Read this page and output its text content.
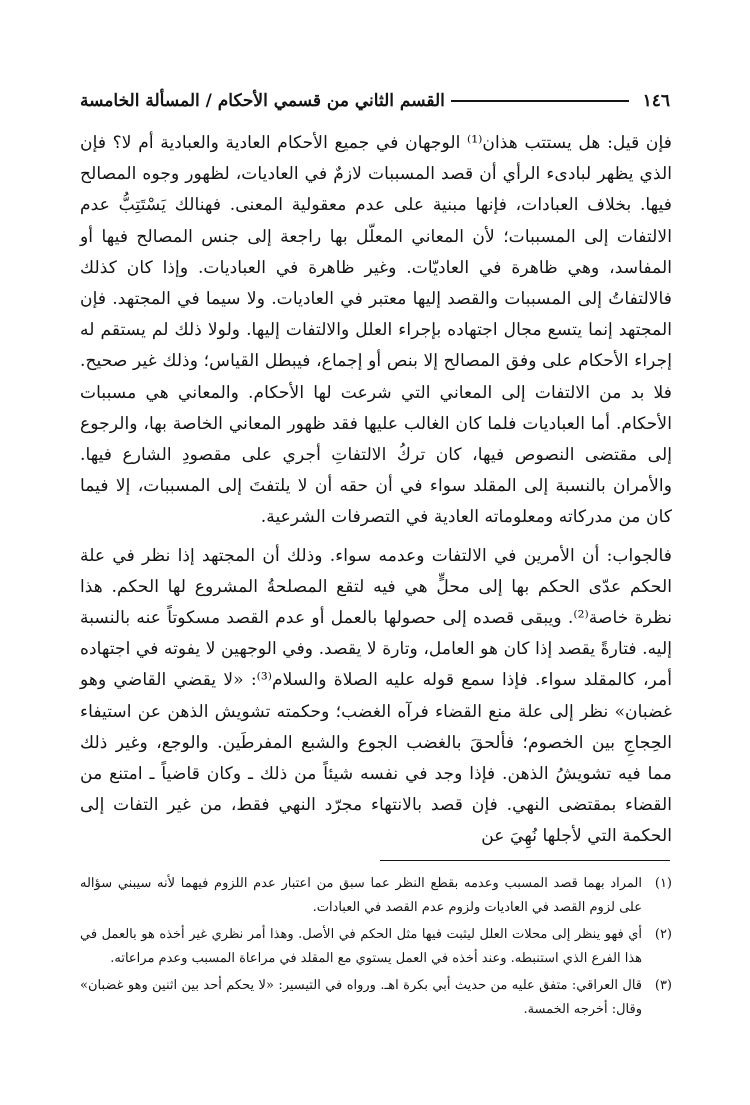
١٤٦
القسم الثاني من قسمي الأحكام / المسألة الخامسة

فإن قيل: هل يستتب هذان⁽¹⁾ الوجهان في جميع الأحكام العادية والعبادية أم لا؟ فإن الذي يظهر لبادىء الرأي أن قصد المسببات لازمٌ في العاديات، لظهور وجوه المصالح فيها. بخلاف العبادات، فإنها مبنية على عدم معقولية المعنى. فهنالك يَسْتَتِبُّ عدم الالتفات إلى المسببات؛ لأن المعاني المعلّل بها راجعة إلى جنس المصالح فيها أو المفاسد، وهي ظاهرة في العاديّات. وغير ظاهرة في العباديات. وإذا كان كذلك فالالتفاتُ إلى المسببات والقصد إليها معتبر في العاديات. ولا سيما في المجتهد. فإن المجتهد إنما يتسع مجال اجتهاده بإجراء العلل والالتفات إليها. ولولا ذلك لم يستقم له إجراء الأحكام على وفق المصالح إلا بنص أو إجماع، فيبطل القياس؛ وذلك غير صحيح. فلا بد من الالتفات إلى المعاني التي شرعت لها الأحكام. والمعاني هي مسببات الأحكام. أما العباديات فلما كان الغالب عليها فقد ظهور المعاني الخاصة بها، والرجوع إلى مقتضى النصوص فيها، كان تركُ الالتفاتِ أجري على مقصودِ الشارع فيها. والأمران بالنسبة إلى المقلد سواء في أن حقه أن لا يلتفتَ إلى المسببات، إلا فيما كان من مدركاته ومعلوماته العادية في التصرفات الشرعية.

فالجواب: أن الأمرين في الالتفات وعدمه سواء. وذلك أن المجتهد إذا نظر في علة الحكم عدّى الحكم بها إلى محلٍّ هي فيه لتقع المصلحةُ المشروع لها الحكم. هذا نظرة خاصة⁽²⁾. ويبقى قصده إلى حصولها بالعمل أو عدم القصد مسكوتاً عنه بالنسبة إليه. فتارةً يقصد إذا كان هو العامل، وتارة لا يقصد. وفي الوجهين لا يفوته في اجتهاده أمر، كالمقلد سواء. فإذا سمع قوله عليه الصلاة والسلام⁽³⁾: «لا يقضي القاضي وهو غضبان» نظر إلى علة منع القضاء فرآه الغضب؛ وحكمته تشويش الذهن عن استيفاء الحِجاجِ بين الخصوم؛ فألحقَ بالغضب الجوع والشبع المفرطَين. والوجع، وغير ذلك مما فيه تشويشُ الذهن. فإذا وجد في نفسه شيئاً من ذلك ـ وكان قاضياً ـ امتنع من القضاء بمقتضى النهي. فإن قصد بالانتهاء مجرّد النهي فقط، من غير التفات إلى الحكمة التي لأجلها نُهِيَ عن

(١)
المراد بهما قصد المسبب وعدمه بقطع النظر عما سبق من اعتبار عدم اللزوم فيهما لأنه سيبني سؤاله على لزوم القصد في العاديات ولزوم عدم القصد في العبادات.
(٢)
أي فهو ينظر إلى محلات العلل ليثبت فيها مثل الحكم في الأصل. وهذا أمر نظري غير أخذه هو بالعمل في هذا الفرع الذي استنبطه. وعند أخذه في العمل يستوي مع المقلد في مراعاة المسبب وعدم مراعاته.
(٣)
قال العراقي: متفق عليه من حديث أبي بكرة اهـ. ورواه في التيسير: «لا يحكم أحد بين اثنين وهو غضبان» وقال: أخرجه الخمسة.
